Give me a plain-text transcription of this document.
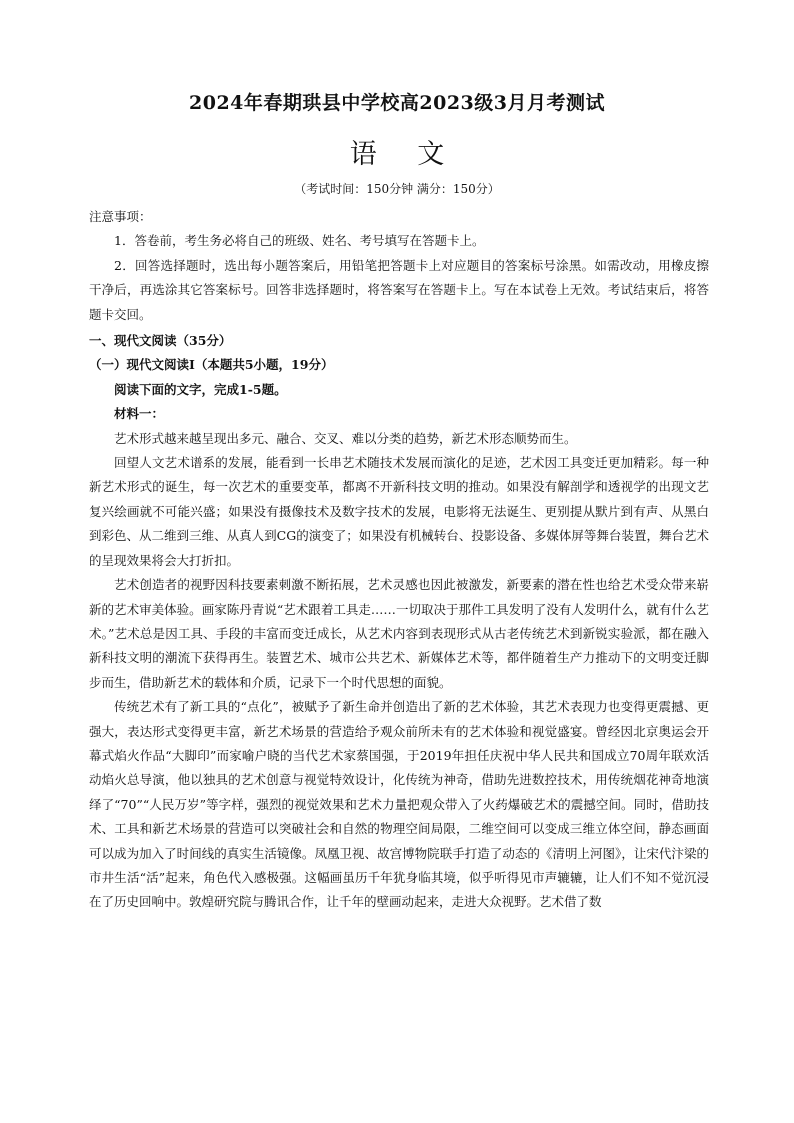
2024年春期珙县中学校高2023级3月月考测试
语 文
（考试时间：150分钟 满分：150分）

注意事项：

1．答卷前，考生务必将自己的班级、姓名、考号填写在答题卡上。

2．回答选择题时，选出每小题答案后，用铅笔把答题卡上对应题目的答案标号涂黑。如需改动，用橡皮擦干净后，再选涂其它答案标号。回答非选择题时，将答案写在答题卡上。写在本试卷上无效。考试结束后，将答题卡交回。

一、现代文阅读（35分）

（一）现代文阅读Ⅰ（本题共5小题，19分）

阅读下面的文字，完成1-5题。

材料一：

艺术形式越来越呈现出多元、融合、交叉、难以分类的趋势，新艺术形态顺势而生。

回望人文艺术谱系的发展，能看到一长串艺术随技术发展而演化的足迹，艺术因工具变迁更加精彩。每一种新艺术形式的诞生，每一次艺术的重要变革，都离不开新科技文明的推动。如果没有解剖学和透视学的出现文艺复兴绘画就不可能兴盛；如果没有摄像技术及数字技术的发展，电影将无法诞生、更别提从默片到有声、从黑白到彩色、从二维到三维、从真人到CG的演变了；如果没有机械转台、投影设备、多媒体屏等舞台装置，舞台艺术的呈现效果将会大打折扣。

艺术创造者的视野因科技要素刺激不断拓展，艺术灵感也因此被激发，新要素的潜在性也给艺术受众带来崭新的艺术审美体验。画家陈丹青说“艺术跟着工具走……一切取决于那件工具发明了没有人发明什么，就有什么艺术。”艺术总是因工具、手段的丰富而变迁成长，从艺术内容到表现形式从古老传统艺术到新锐实验派，都在融入新科技文明的潮流下获得再生。装置艺术、城市公共艺术、新媒体艺术等，都伴随着生产力推动下的文明变迁脚步而生，借助新艺术的载体和介质，记录下一个时代思想的面貌。

传统艺术有了新工具的“点化”，被赋予了新生命并创造出了新的艺术体验，其艺术表现力也变得更震撼、更强大，表达形式变得更丰富，新艺术场景的营造给予观众前所未有的艺术体验和视觉盛宴。曾经因北京奥运会开幕式焰火作品“大脚印”而家喻户晓的当代艺术家蔡国强，于2019年担任庆祝中华人民共和国成立70周年联欢活动焰火总导演，他以独具的艺术创意与视觉特效设计，化传统为神奇，借助先进数控技术，用传统烟花神奇地演绎了“70”“人民万岁”等字样，强烈的视觉效果和艺术力量把观众带入了火药爆破艺术的震撼空间。同时，借助技术、工具和新艺术场景的营造可以突破社会和自然的物理空间局限，二维空间可以变成三维立体空间，静态画面可以成为加入了时间线的真实生活镜像。凤凰卫视、故宫博物院联手打造了动态的《清明上河图》，让宋代汴梁的市井生活“活”起来，角色代入感极强。这幅画虽历千年犹身临其境，似乎听得见市声辘辘，让人们不知不觉沉浸在了历史回响中。敦煌研究院与腾讯合作，让千年的壁画动起来，走进大众视野。艺术借了数
